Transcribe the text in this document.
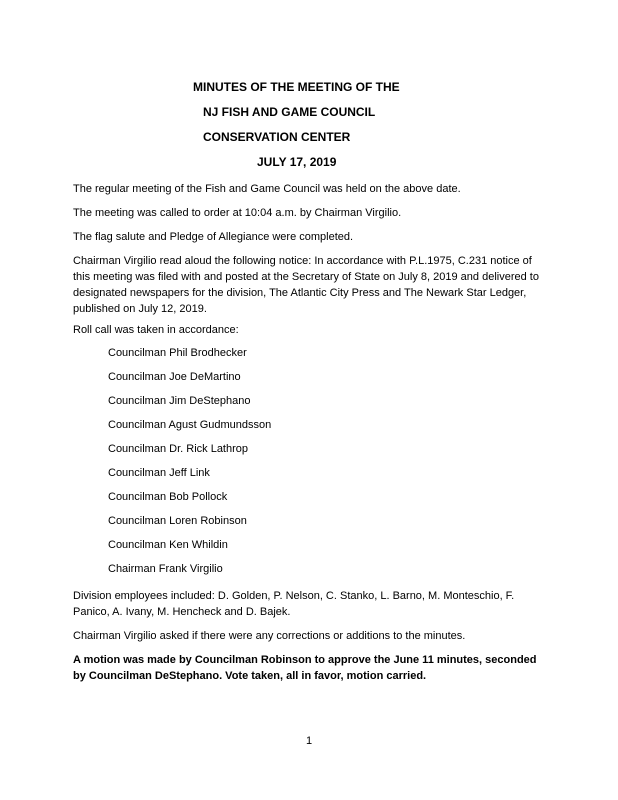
MINUTES OF THE MEETING OF THE
NJ FISH AND GAME COUNCIL
CONSERVATION CENTER
JULY 17, 2019
The regular meeting of the Fish and Game Council was held on the above date.
The meeting was called to order at 10:04 a.m. by Chairman Virgilio.
The flag salute and Pledge of Allegiance were completed.
Chairman Virgilio read aloud the following notice: In accordance with P.L.1975, C.231 notice of this meeting was filed with and posted at the Secretary of State on July 8, 2019 and delivered to designated newspapers for the division, The Atlantic City Press and The Newark Star Ledger, published on July 12, 2019.
Roll call was taken in accordance:
Councilman Phil Brodhecker
Councilman Joe DeMartino
Councilman Jim DeStephano
Councilman Agust Gudmundsson
Councilman Dr. Rick Lathrop
Councilman Jeff Link
Councilman Bob Pollock
Councilman Loren Robinson
Councilman Ken Whildin
Chairman Frank Virgilio
Division employees included: D. Golden, P. Nelson, C. Stanko, L. Barno, M. Monteschio, F. Panico, A. Ivany, M. Hencheck and D. Bajek.
Chairman Virgilio asked if there were any corrections or additions to the minutes.
A motion was made by Councilman Robinson to approve the June 11 minutes, seconded by Councilman DeStephano. Vote taken, all in favor, motion carried.
1
